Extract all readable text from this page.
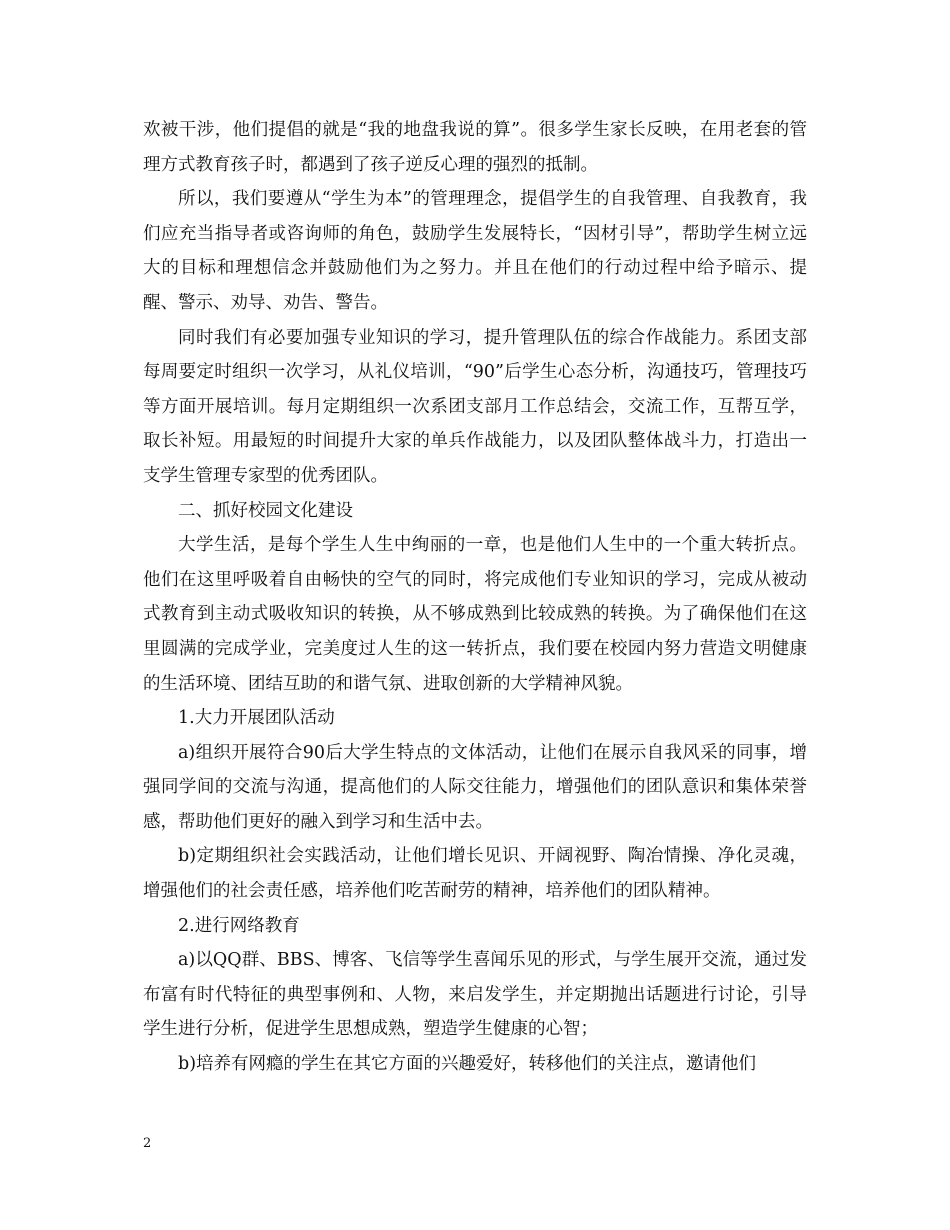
欢被干涉，他们提倡的就是“我的地盘我说的算”。很多学生家长反映，在用老套的管理方式教育孩子时，都遇到了孩子逆反心理的强烈的抵制。

所以，我们要遵从“学生为本”的管理理念，提倡学生的自我管理、自我教育，我们应充当指导者或咨询师的角色，鼓励学生发展特长，“因材引导”，帮助学生树立远大的目标和理想信念并鼓励他们为之努力。并且在他们的行动过程中给予暗示、提醒、警示、劝导、劝告、警告。

同时我们有必要加强专业知识的学习，提升管理队伍的综合作战能力。系团支部每周要定时组织一次学习，从礼仪培训，“90”后学生心态分析，沟通技巧，管理技巧等方面开展培训。每月定期组织一次系团支部月工作总结会，交流工作，互帮互学，取长补短。用最短的时间提升大家的单兵作战能力，以及团队整体战斗力，打造出一支学生管理专家型的优秀团队。

二、抓好校园文化建设

大学生活，是每个学生人生中绚丽的一章，也是他们人生中的一个重大转折点。他们在这里呼吸着自由畅快的空气的同时，将完成他们专业知识的学习，完成从被动式教育到主动式吸收知识的转换，从不够成熟到比较成熟的转换。为了确保他们在这里圆满的完成学业，完美度过人生的这一转折点，我们要在校园内努力营造文明健康的生活环境、团结互助的和谐气氛、进取创新的大学精神风貌。

1.大力开展团队活动

a)组织开展符合90后大学生特点的文体活动，让他们在展示自我风采的同事，增强同学间的交流与沟通，提高他们的人际交往能力，增强他们的团队意识和集体荣誉感，帮助他们更好的融入到学习和生活中去。

b)定期组织社会实践活动，让他们增长见识、开阔视野、陶冶情操、净化灵魂，增强他们的社会责任感，培养他们吃苦耐劳的精神，培养他们的团队精神。

2.进行网络教育

a)以QQ群、BBS、博客、飞信等学生喜闻乐见的形式，与学生展开交流，通过发布富有时代特征的典型事例和、人物，来启发学生，并定期抛出话题进行讨论，引导学生进行分析，促进学生思想成熟，塑造学生健康的心智；

b)培养有网瘾的学生在其它方面的兴趣爱好，转移他们的关注点，邀请他们

2
